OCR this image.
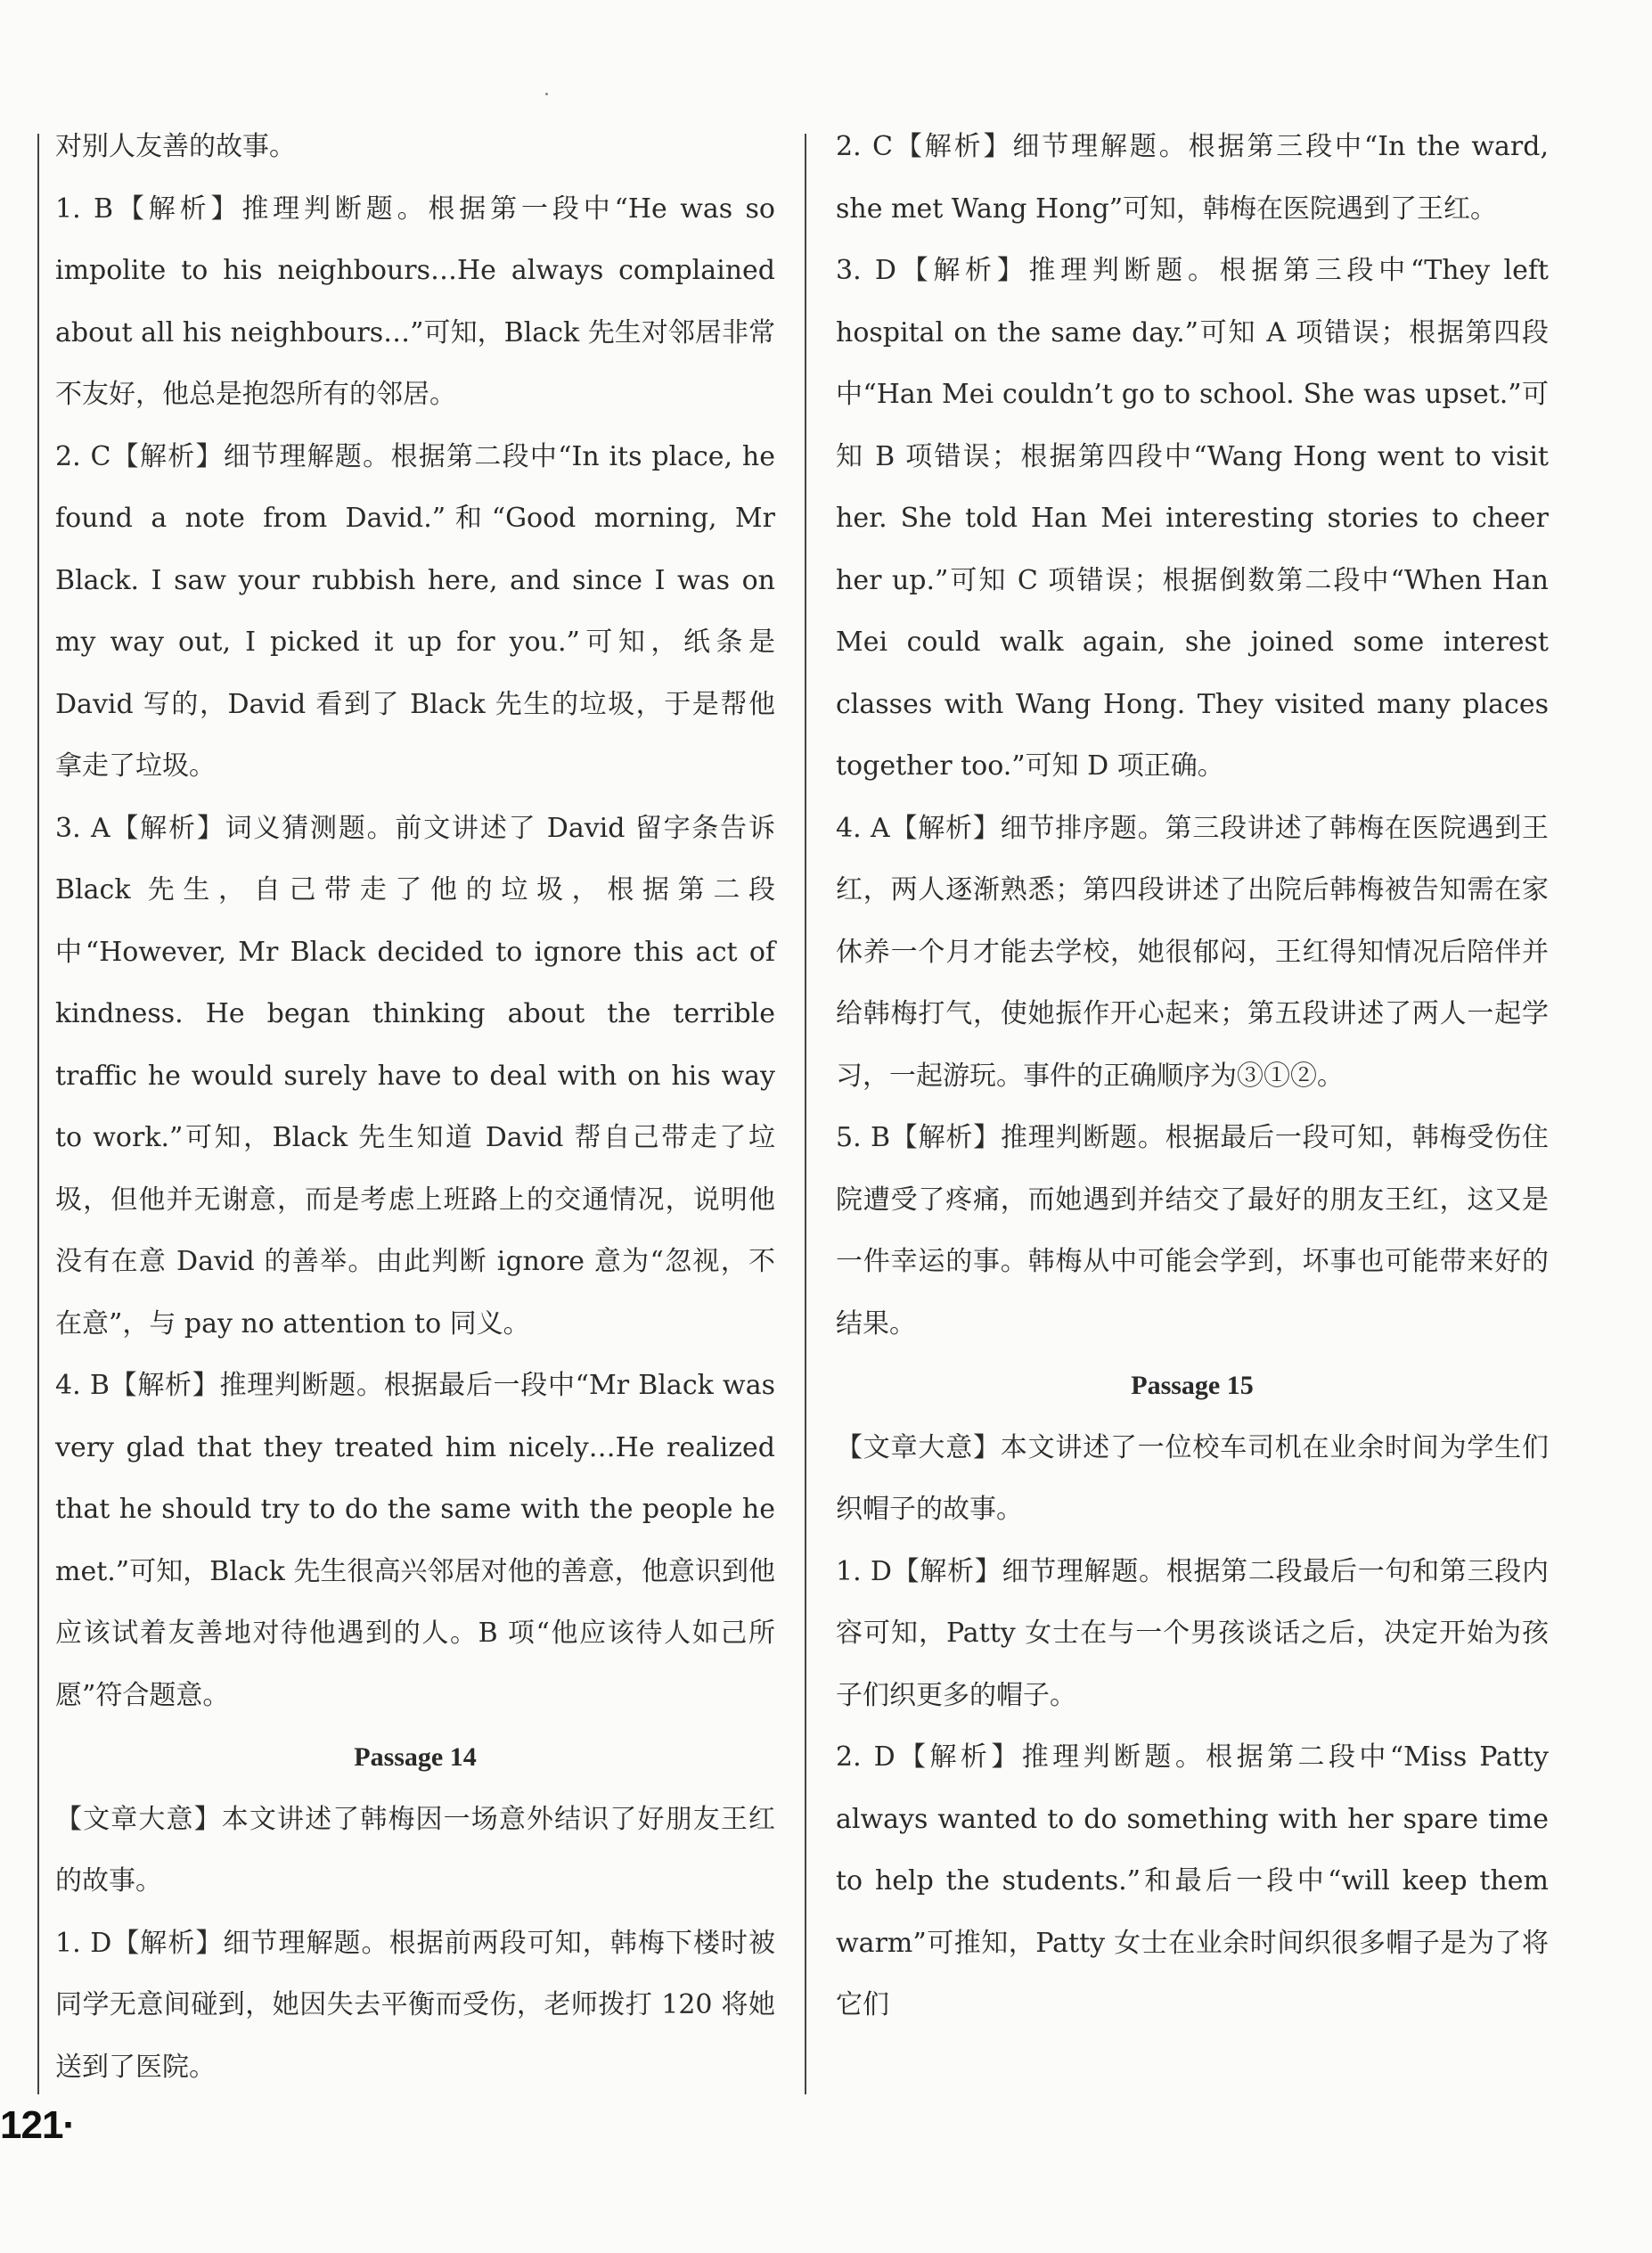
对别人友善的故事。

1. B【解析】推理判断题。根据第一段中“He was so impolite to his neighbours…He always complained about all his neighbours…”可知，Black 先生对邻居非常不友好，他总是抱怨所有的邻居。

2. C【解析】细节理解题。根据第二段中“In its place, he found a note from David.”和“Good morning, Mr Black. I saw your rubbish here, and since I was on my way out, I picked it up for you.”可知，纸条是 David 写的，David 看到了 Black 先生的垃圾，于是帮他拿走了垃圾。

3. A【解析】词义猜测题。前文讲述了 David 留字条告诉 Black 先生，自己带走了他的垃圾，根据第二段中“However, Mr Black decided to ignore this act of kindness. He began thinking about the terrible traffic he would surely have to deal with on his way to work.”可知，Black 先生知道 David 帮自己带走了垃圾，但他并无谢意，而是考虑上班路上的交通情况，说明他没有在意 David 的善举。由此判断 ignore 意为“忽视，不在意”，与 pay no attention to 同义。

4. B【解析】推理判断题。根据最后一段中“Mr Black was very glad that they treated him nicely…He realized that he should try to do the same with the people he met.”可知，Black 先生很高兴邻居对他的善意，他意识到他应该试着友善地对待他遇到的人。B 项“他应该待人如己所愿”符合题意。

Passage 14

【文章大意】本文讲述了韩梅因一场意外结识了好朋友王红的故事。

1. D【解析】细节理解题。根据前两段可知，韩梅下楼时被同学无意间碰到，她因失去平衡而受伤，老师拨打 120 将她送到了医院。

2. C【解析】细节理解题。根据第三段中“In the ward, she met Wang Hong”可知，韩梅在医院遇到了王红。

3. D【解析】推理判断题。根据第三段中“They left hospital on the same day.”可知 A 项错误；根据第四段中“Han Mei couldn’t go to school. She was upset.”可知 B 项错误；根据第四段中“Wang Hong went to visit her. She told Han Mei interesting stories to cheer her up.”可知 C 项错误；根据倒数第二段中“When Han Mei could walk again, she joined some interest classes with Wang Hong. They visited many places together too.”可知 D 项正确。

4. A【解析】细节排序题。第三段讲述了韩梅在医院遇到王红，两人逐渐熟悉；第四段讲述了出院后韩梅被告知需在家休养一个月才能去学校，她很郁闷，王红得知情况后陪伴并给韩梅打气，使她振作开心起来；第五段讲述了两人一起学习，一起游玩。事件的正确顺序为③①②。

5. B【解析】推理判断题。根据最后一段可知，韩梅受伤住院遭受了疼痛，而她遇到并结交了最好的朋友王红，这又是一件幸运的事。韩梅从中可能会学到，坏事也可能带来好的结果。

Passage 15

【文章大意】本文讲述了一位校车司机在业余时间为学生们织帽子的故事。

1. D【解析】细节理解题。根据第二段最后一句和第三段内容可知，Patty 女士在与一个男孩谈话之后，决定开始为孩子们织更多的帽子。

2. D【解析】推理判断题。根据第二段中“Miss Patty always wanted to do something with her spare time to help the students.”和最后一段中“will keep them warm”可推知，Patty 女士在业余时间织很多帽子是为了将它们

121·
